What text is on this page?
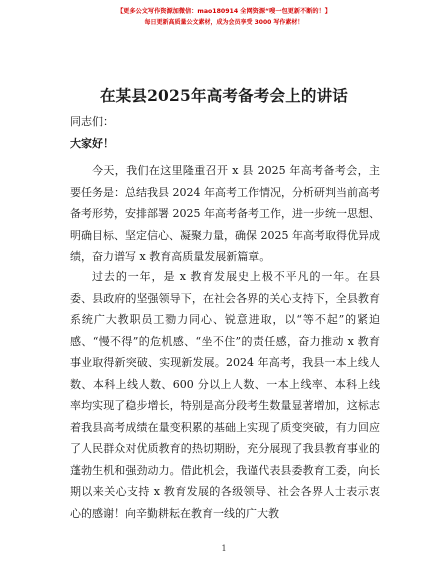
【更多公文写作资源加微信：mao180914 全网资源“嗖一包更新不断的！】
每日更新高质量公文素材，成为会员享受 3000 写作素材！
在某县2025年高考备考会上的讲话
同志们：
大家好！

今天，我们在这里隆重召开 x 县 2025 年高考备考会，主要任务是：总结我县 2024 年高考工作情况，分析研判当前高考备考形势，安排部署 2025 年高考备考工作，进一步统一思想、明确目标、坚定信心、凝聚力量，确保 2025 年高考取得优异成绩，奋力谱写 x 教育高质量发展新篇章。

过去的一年，是 x 教育发展史上极不平凡的一年。在县委、县政府的坚强领导下，在社会各界的关心支持下，全县教育系统广大教职员工勠力同心、锐意进取，以“等不起”的紧迫感、“慢不得”的危机感、“坐不住”的责任感，奋力推动 x 教育事业取得新突破、实现新发展。2024 年高考，我县一本上线人数、本科上线人数、600 分以上人数、一本上线率、本科上线率均实现了稳步增长，特别是高分段考生数量显著增加，这标志着我县高考成绩在量变积累的基础上实现了质变突破，有力回应了人民群众对优质教育的热切期盼，充分展现了我县教育事业的蓬勃生机和强劲动力。借此机会，我谨代表县委教育工委，向长期以来关心支持 x 教育发展的各级领导、社会各界人士表示衷心的感谢！向辛勤耕耘在教育一线的广大教

1
